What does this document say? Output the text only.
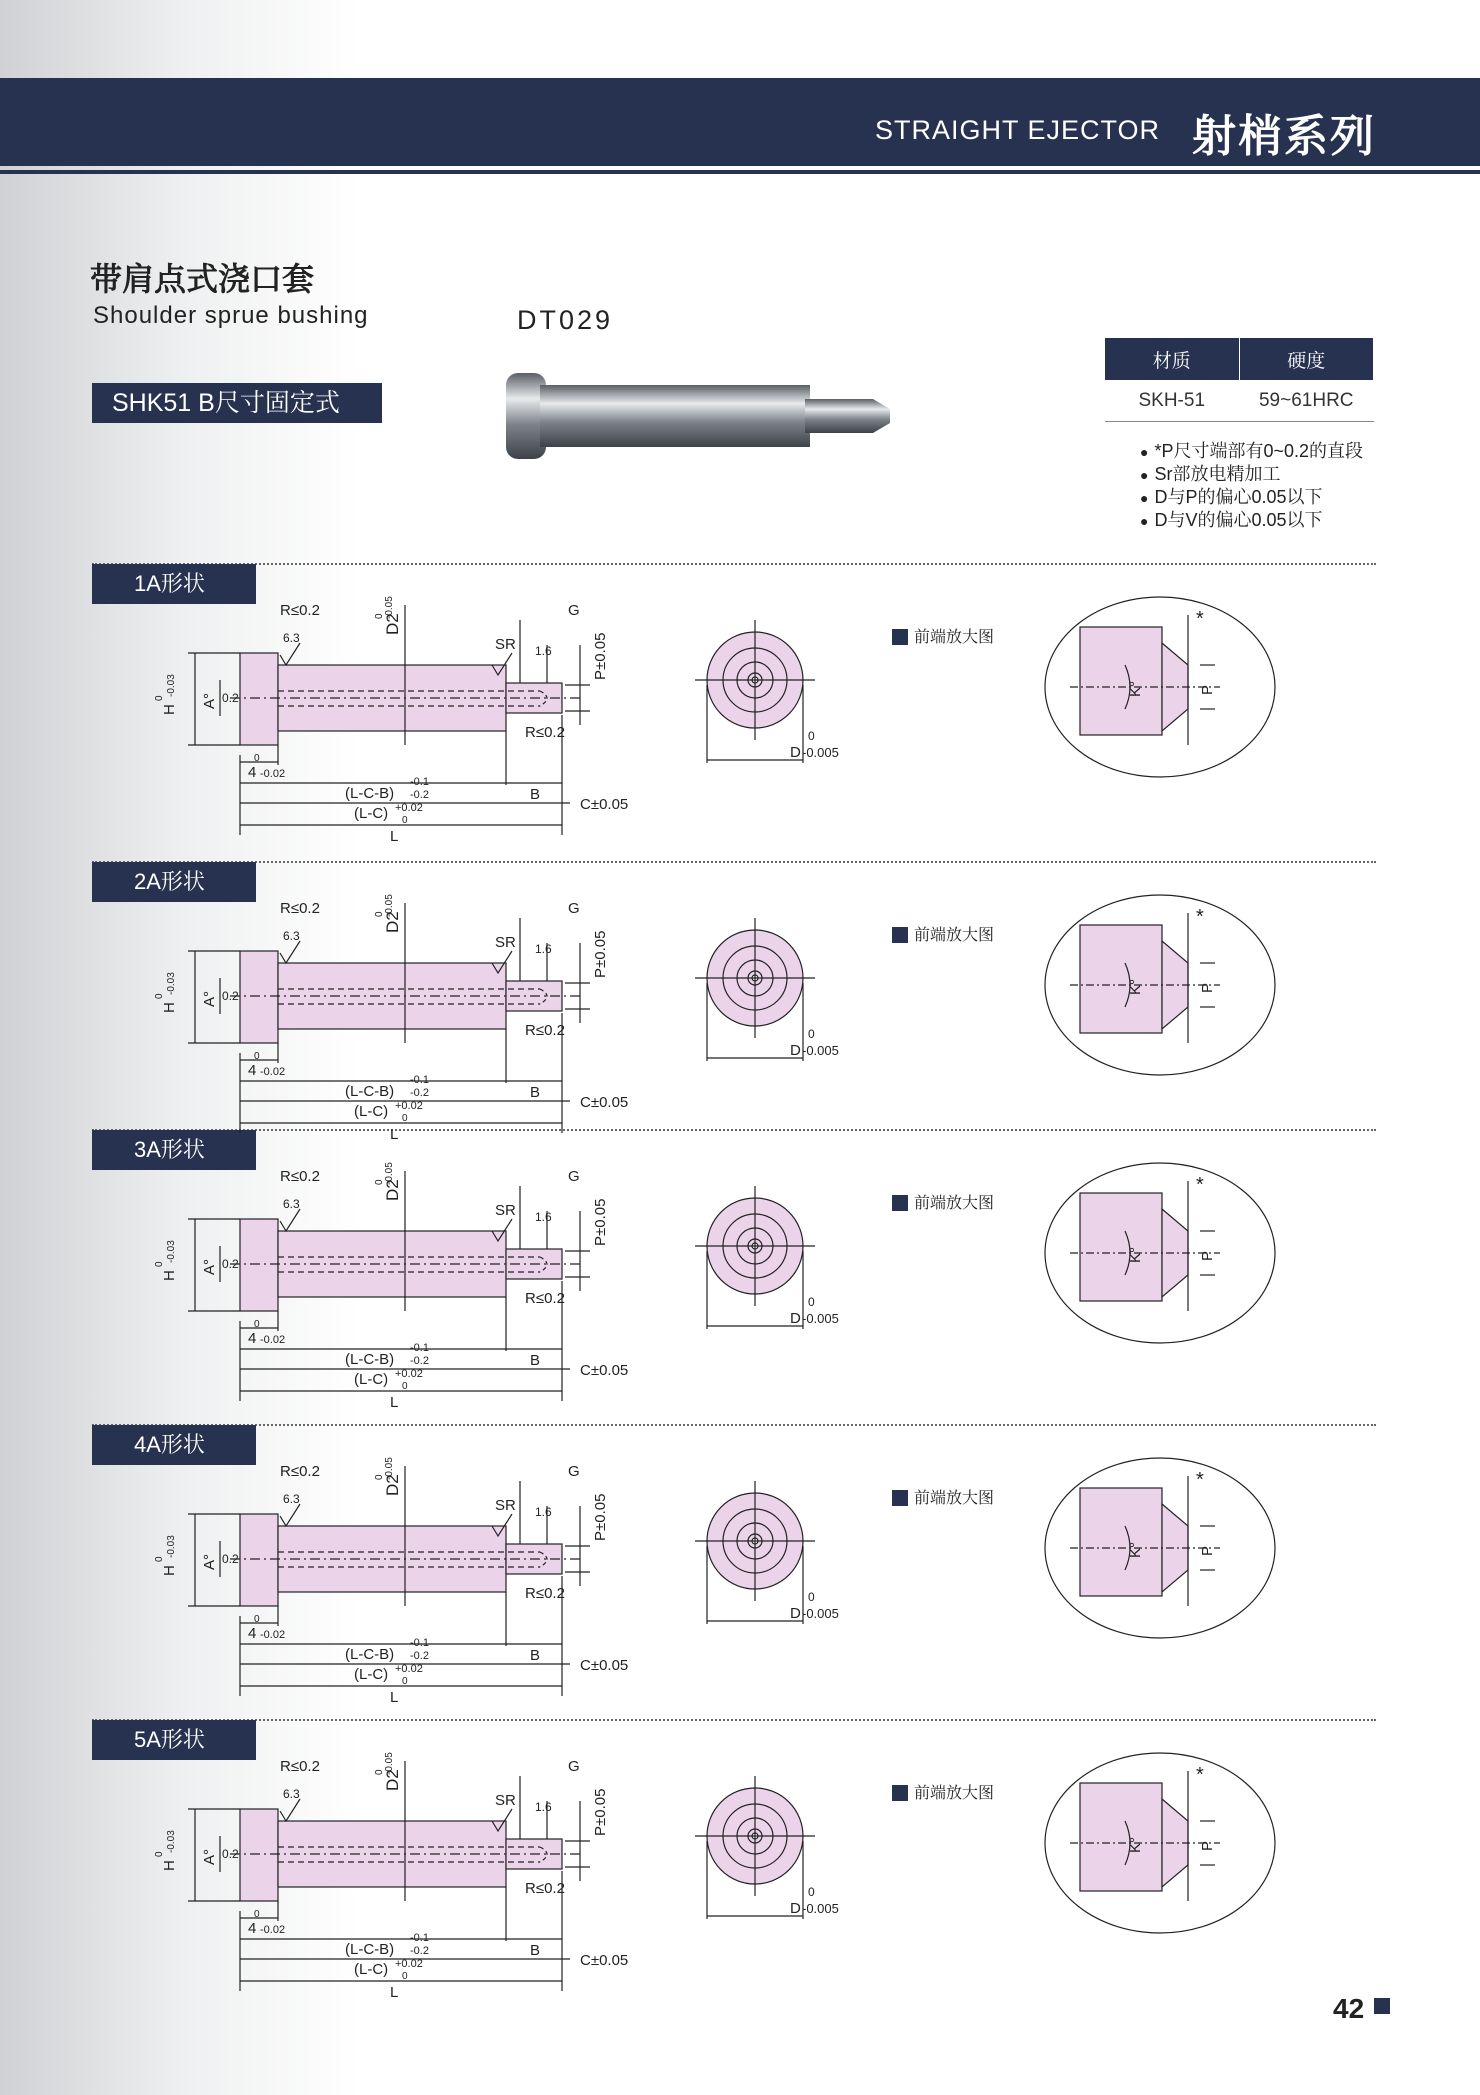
STRAIGHT EJECTOR 射梢系列
带肩点式浇口套
Shoulder sprue bushing	DT029
SHK51 B尺寸固定式
材质	硬度
SKH-51	59~61HRC
● *P尺寸端部有0~0.2的直段
● Sr部放电精加工
● D与P的偏心0.05以下
● D与V的偏心0.05以下
1A形状
2A形状
3A形状
4A形状
5A形状
R≤0.2
6.3
D2
0 -0.05
SR 1.6
G
P±0.05
R≤0.2
H
0
-0.03
A° 0.2
4
0
-0.02
(L-C-B)
-0.1
-0.2	B
(L-C) +0.02
0
C±0.05
L
D
0
-0.005
前端放大图
K°	P
*
R≤0.2
6.3
D2
0 -0.05
SR 1.6
G
P±0.05
R≤0.2
H
0
-0.03
A° 0.2
4
0
-0.02
(L-C-B)
-0.1
-0.2	B
(L-C) +0.02
0
C±0.05
L
D
0
-0.005
前端放大图
K°	P
*
R≤0.2
6.3
D2
0 -0.05
SR 1.6
G
P±0.05
R≤0.2
H
0
-0.03
A° 0.2
4
0
-0.02
(L-C-B)
-0.1
-0.2	B
(L-C) +0.02
0
C±0.05
L
D
0
-0.005
前端放大图
K°	P
*
R≤0.2
6.3
D2
0 -0.05
SR 1.6
G
P±0.05
R≤0.2
H
0
-0.03
A° 0.2
4
0
-0.02
(L-C-B)
-0.1
-0.2	B
(L-C) +0.02
0
C±0.05
L
D
0
-0.005
前端放大图
K°	P
*
R≤0.2
6.3
D2
0 -0.05
SR 1.6
G
P±0.05
R≤0.2
H
0
-0.03
A° 0.2
4
0
-0.02
(L-C-B)
-0.1
-0.2	B
(L-C) +0.02
0
C±0.05
L
D
0
-0.005
前端放大图
K°	P
*
42
